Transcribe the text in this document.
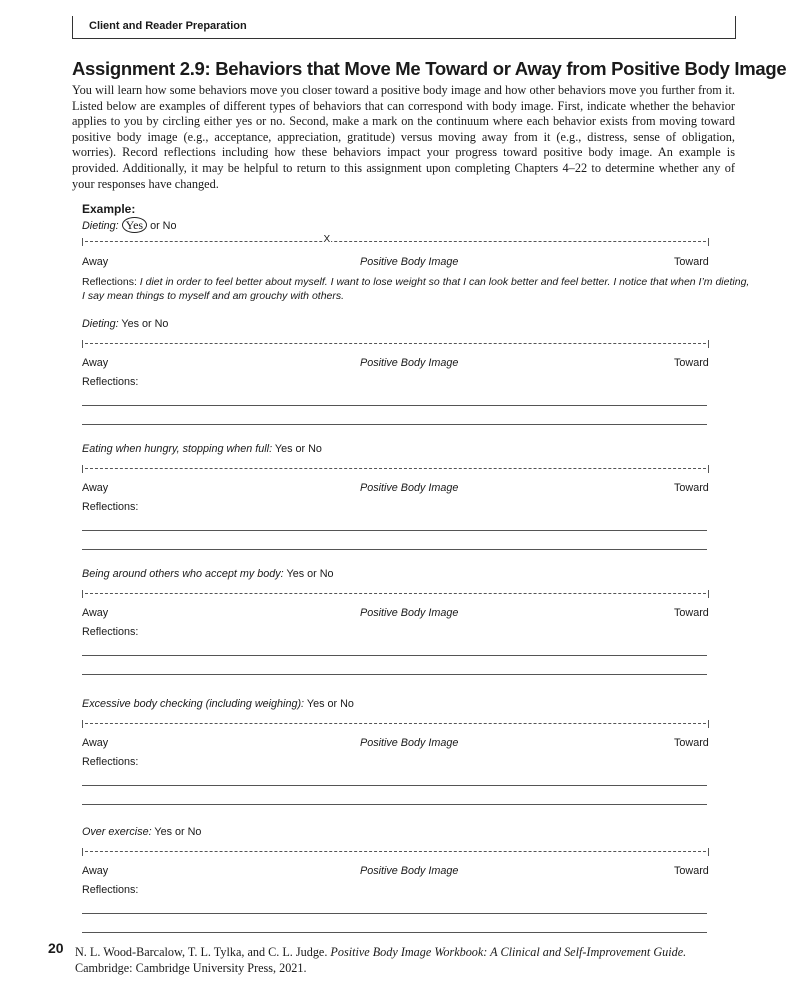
Client and Reader Preparation
Assignment 2.9: Behaviors that Move Me Toward or Away from Positive Body Image

You will learn how some behaviors move you closer toward a positive body image and how other behaviors move you further from it. Listed below are examples of different types of behaviors that can correspond with body image. First, indicate whether the behavior applies to you by circling either yes or no. Second, make a mark on the continuum where each behavior exists from moving toward positive body image (e.g., acceptance, appreciation, gratitude) versus moving away from it (e.g., distress, sense of obligation, worries). Record reflections including how these behaviors impact your progress toward positive body image. An example is provided. Additionally, it may be helpful to return to this assignment upon completing Chapters 4–22 to determine whether any of your responses have changed.

Example:
Dieting: Yes or No
X
Away	Positive Body Image	Toward
Reflections: I diet in order to feel better about myself. I want to lose weight so that I can look better and feel better. I notice that when I’m dieting,
I say mean things to myself and am grouchy with others.
Dieting: Yes or No
Away	Positive Body Image	Toward
Reflections:
Eating when hungry, stopping when full: Yes or No
Away	Positive Body Image	Toward
Reflections:
Being around others who accept my body: Yes or No
Away	Positive Body Image	Toward
Reflections:
Excessive body checking (including weighing): Yes or No
Away	Positive Body Image	Toward
Reflections:
Over exercise: Yes or No
Away	Positive Body Image	Toward
Reflections:
20 N. L. Wood-Barcalow, T. L. Tylka, and C. L. Judge. Positive Body Image Workbook: A Clinical and Self-Improvement Guide.
Cambridge: Cambridge University Press, 2021.
